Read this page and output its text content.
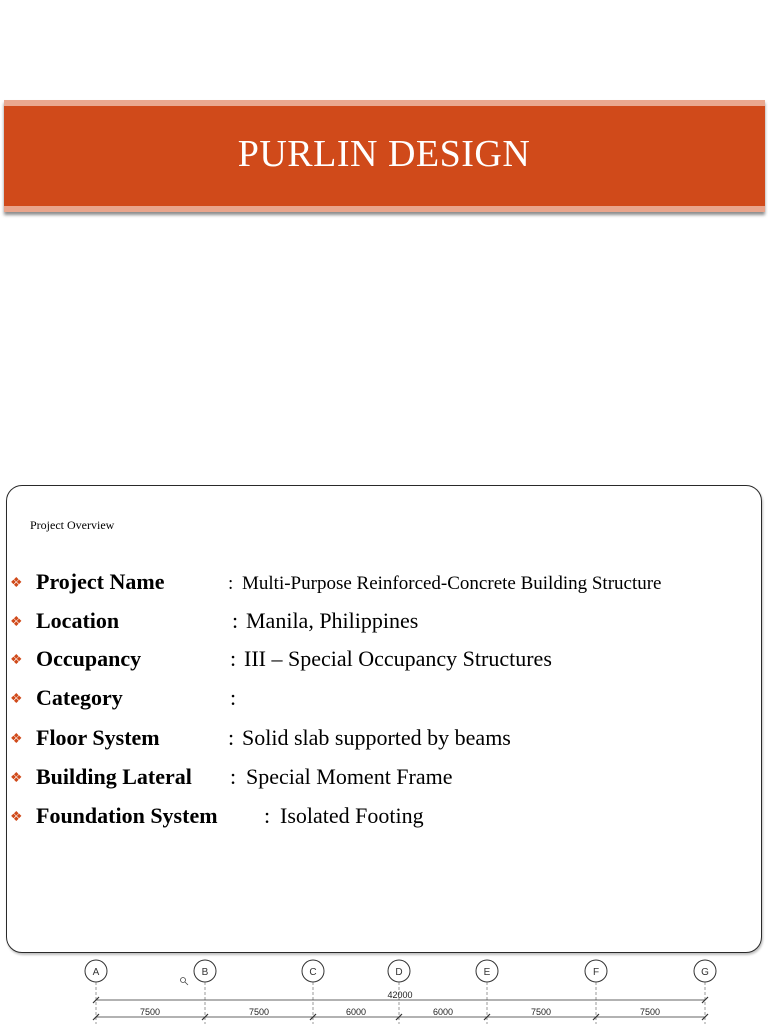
PURLIN DESIGN
Project Overview
❖ Project Name	: Multi-Purpose Reinforced-Concrete Building Structure
❖ Location	: Manila, Philippines
❖ Occupancy	: III – Special Occupancy Structures
❖ Category	:
❖ Floor System	: Solid slab supported by beams
❖ Building Lateral : Special Moment Frame
❖ Foundation System : Isolated Footing
A	B	C	D	E	F	G
42000
7500	7500	6000	6000	7500	7500
